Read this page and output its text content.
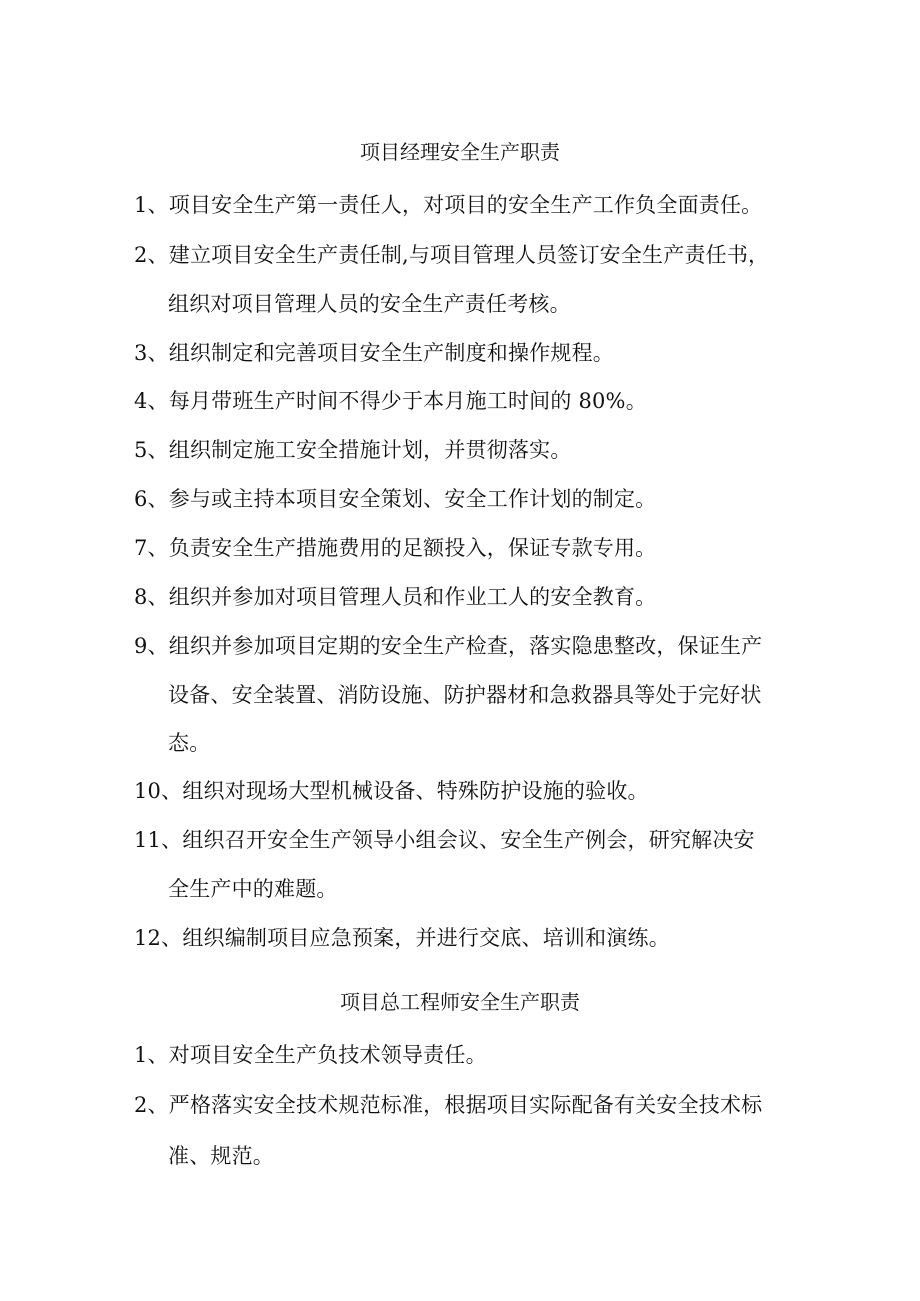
项目经理安全生产职责
1、项目安全生产第一责任人，对项目的安全生产工作负全面责任。
2、建立项目安全生产责任制,与项目管理人员签订安全生产责任书，
组织对项目管理人员的安全生产责任考核。
3、组织制定和完善项目安全生产制度和操作规程。
4、每月带班生产时间不得少于本月施工时间的 80%。
5、组织制定施工安全措施计划，并贯彻落实。
6、参与或主持本项目安全策划、安全工作计划的制定。
7、负责安全生产措施费用的足额投入，保证专款专用。
8、组织并参加对项目管理人员和作业工人的安全教育。
9、组织并参加项目定期的安全生产检查，落实隐患整改，保证生产
设备、安全装置、消防设施、防护器材和急救器具等处于完好状
态。
10、组织对现场大型机械设备、特殊防护设施的验收。
11、组织召开安全生产领导小组会议、安全生产例会，研究解决安
全生产中的难题。
12、组织编制项目应急预案，并进行交底、培训和演练。
项目总工程师安全生产职责
1、对项目安全生产负技术领导责任。
2、严格落实安全技术规范标准，根据项目实际配备有关安全技术标
准、规范。
